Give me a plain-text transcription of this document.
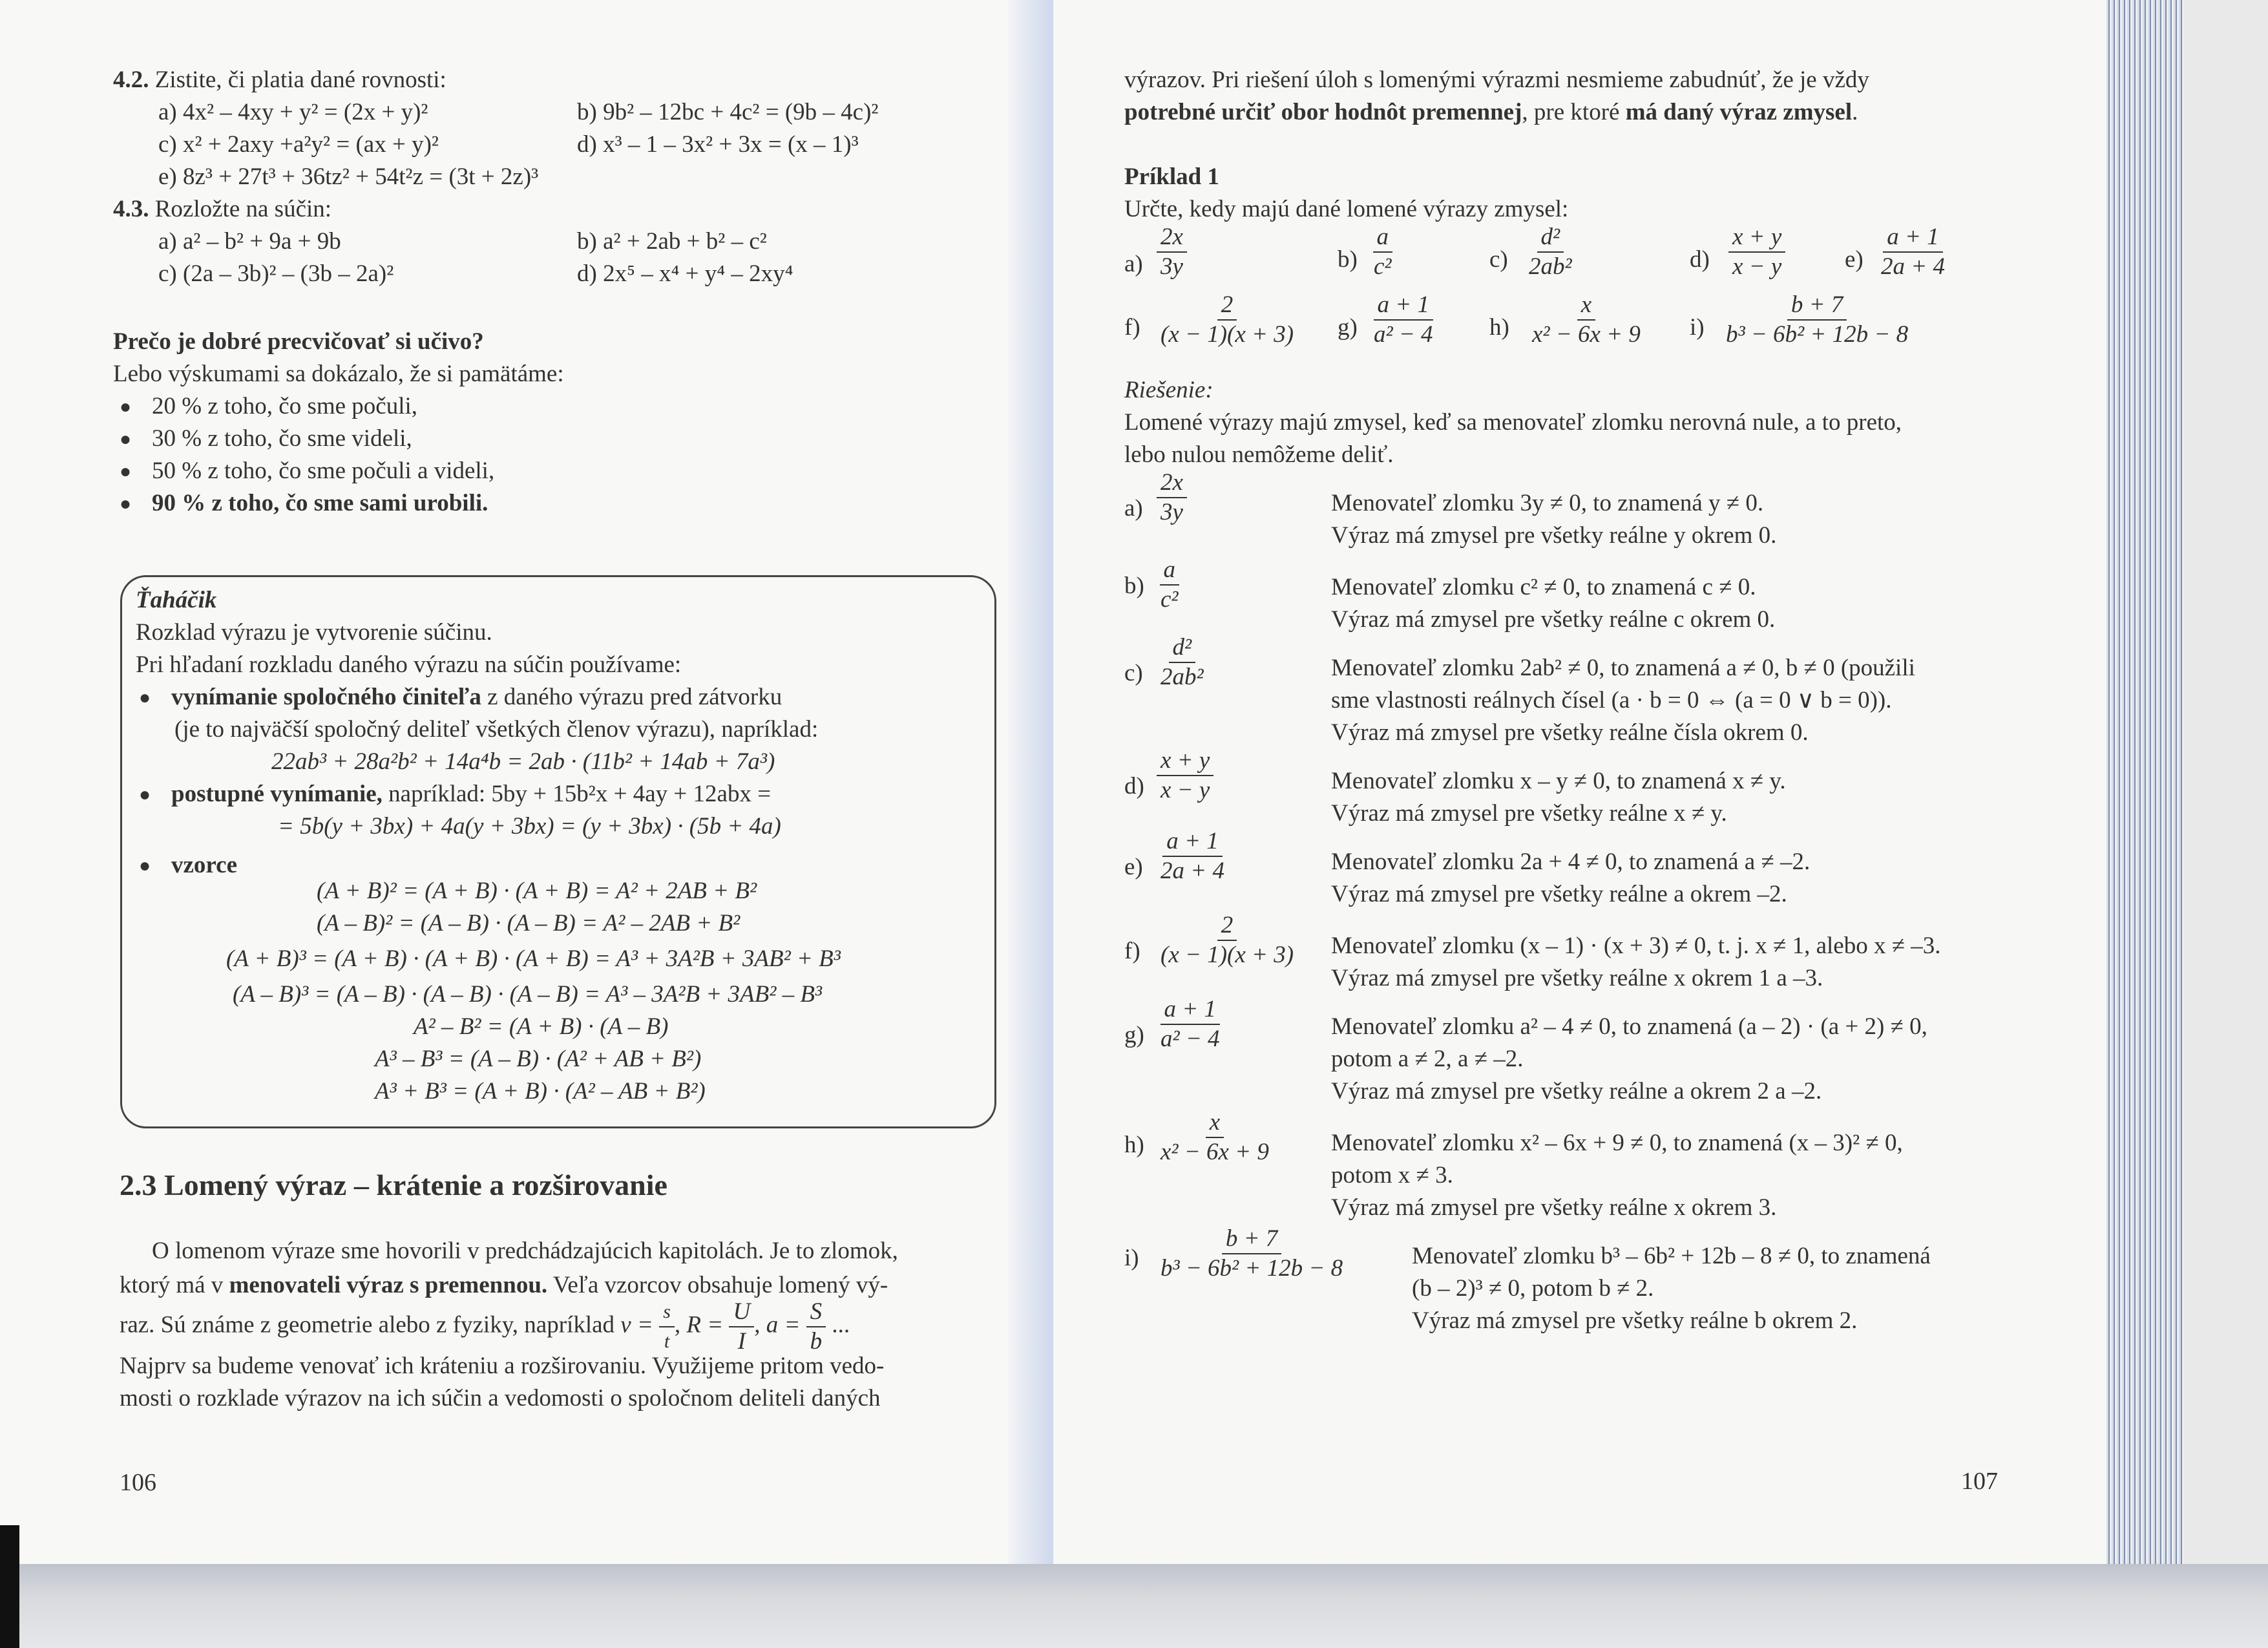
4.2. Zistite, či platia dané rovnosti:
a) 4x² – 4xy + y² = (2x + y)²	b) 9b² – 12bc + 4c² = (9b – 4c)²
c) x² + 2axy +a²y² = (ax + y)²	d) x³ – 1 – 3x² + 3x = (x – 1)³
e) 8z³ + 27t³ + 36tz² + 54t²z = (3t + 2z)³
4.3. Rozložte na súčin:
a) a² – b² + 9a + 9b	b) a² + 2ab + b² – c²
c) (2a – 3b)² – (3b – 2a)²	d) 2x⁵ – x⁴ + y⁴ – 2xy⁴
Prečo je dobré precvičovať si učivo?
Lebo výskumami sa dokázalo, že si pamätáme:
● 20 % z toho, čo sme počuli,
● 30 % z toho, čo sme videli,
● 50 % z toho, čo sme počuli a videli,
● 90 % z toho, čo sme sami urobili.
Ťaháčik
Rozklad výrazu je vytvorenie súčinu.
Pri hľadaní rozkladu daného výrazu na súčin používame:
● vynímanie spoločného činiteľa z daného výrazu pred zátvorku
(je to najväčší spoločný deliteľ všetkých členov výrazu), napríklad:
22ab³ + 28a²b² + 14a⁴b = 2ab · (11b² + 14ab + 7a³)
● postupné vynímanie, napríklad: 5by + 15b²x + 4ay + 12abx =
= 5b(y + 3bx) + 4a(y + 3bx) = (y + 3bx) · (5b + 4a)
● vzorce
(A + B)² = (A + B) · (A + B) = A² + 2AB + B²
(A – B)² = (A – B) · (A – B) = A² – 2AB + B²
(A + B)³ = (A + B) · (A + B) · (A + B) = A³ + 3A²B + 3AB² + B³
(A – B)³ = (A – B) · (A – B) · (A – B) = A³ – 3A²B + 3AB² – B³
A² – B² = (A + B) · (A – B)
A³ – B³ = (A – B) · (A² + AB + B²)
A³ + B³ = (A + B) · (A² – AB + B²)
2.3 Lomený výraz – krátenie a rozširovanie
O lomenom výraze sme hovorili v predchádzajúcich kapitolách. Je to zlomok,
ktorý má v menovateli výraz s premennou. Veľa vzorcov obsahuje lomený vý-
raz. Sú známe z geometrie alebo z fyziky, napríklad $v = \frac{s}{t}$ , $R = \frac{U}{I}$ , $a = \frac{S}{b}$ ...
Najprv sa budeme venovať ich kráteniu a rozširovaniu. Využijeme pritom vedo-
mosti o rozklade výrazov na ich súčin a vedomosti o spoločnom deliteli daných
106
výrazov. Pri riešení úloh s lomenými výrazmi nesmieme zabudnúť, že je vždy
potrebné určiť obor hodnôt premennej, pre ktoré má daný výraz zmysel.
Príklad 1
Určte, kedy majú dané lomené výrazy zmysel:
$a) \frac{2x}{3y}$	$b) \frac{a}{\text{c²}}$	$c) \frac{\text{d²}}{\text{2ab²}}$	$d) \frac{x + y}{x - y} e) \frac{a + 1}{2a + 4}$
$f) \frac{2}{(x - 1)(x + 3)} g) \frac{a + 1}{\text{a² − 4}} h) \frac{x}{\text{x² − 6x + 9}} i) \frac{b + 7}{\text{b³ − 6b² + 12b − 8}}$
Riešenie:
Lomené výrazy majú zmysel, keď sa menovateľ zlomku nerovná nule, a to preto,
lebo nulou nemôžeme deliť.
$a) \frac{2x}{3y}$	Menovateľ zlomku 3y ≠ 0, to znamená y ≠ 0.
Výraz má zmysel pre všetky reálne y okrem 0.
$b) \frac{a}{\text{c²}}$	Menovateľ zlomku c² ≠ 0, to znamená c ≠ 0.
Výraz má zmysel pre všetky reálne c okrem 0.
$c) \frac{\text{d²}}{\text{2ab²}}$	Menovateľ zlomku 2ab² ≠ 0, to znamená a ≠ 0, b ≠ 0 (použili
sme vlastnosti reálnych čísel (a · b = 0 ⇔ (a = 0 ∨ b = 0)).
Výraz má zmysel pre všetky reálne čísla okrem 0.
$d) \frac{x + y}{x - y}$	Menovateľ zlomku x – y ≠ 0, to znamená x ≠ y.
Výraz má zmysel pre všetky reálne x ≠ y.
$e) \frac{a + 1}{2a + 4}$	Menovateľ zlomku 2a + 4 ≠ 0, to znamená a ≠ –2.
Výraz má zmysel pre všetky reálne a okrem –2.
$f) \frac{2}{(x - 1)(x + 3)}$ Menovateľ zlomku (x – 1) · (x + 3) ≠ 0, t. j. x ≠ 1, alebo x ≠ –3.
Výraz má zmysel pre všetky reálne x okrem 1 a –3.
$g) \frac{a + 1}{\text{a² − 4}}$	Menovateľ zlomku a² – 4 ≠ 0, to znamená (a – 2) · (a + 2) ≠ 0,
potom a ≠ 2, a ≠ –2.
Výraz má zmysel pre všetky reálne a okrem 2 a –2.
$h) \frac{x}{\text{x² − 6x + 9}}$ Menovateľ zlomku x² – 6x + 9 ≠ 0, to znamená (x – 3)² ≠ 0,
potom x ≠ 3.
Výraz má zmysel pre všetky reálne x okrem 3.
$i) \frac{b + 7}{\text{b³ − 6b² + 12b − 8}}$	Menovateľ zlomku b³ – 6b² + 12b – 8 ≠ 0, to znamená
(b – 2)³ ≠ 0, potom b ≠ 2.
Výraz má zmysel pre všetky reálne b okrem 2.
107
